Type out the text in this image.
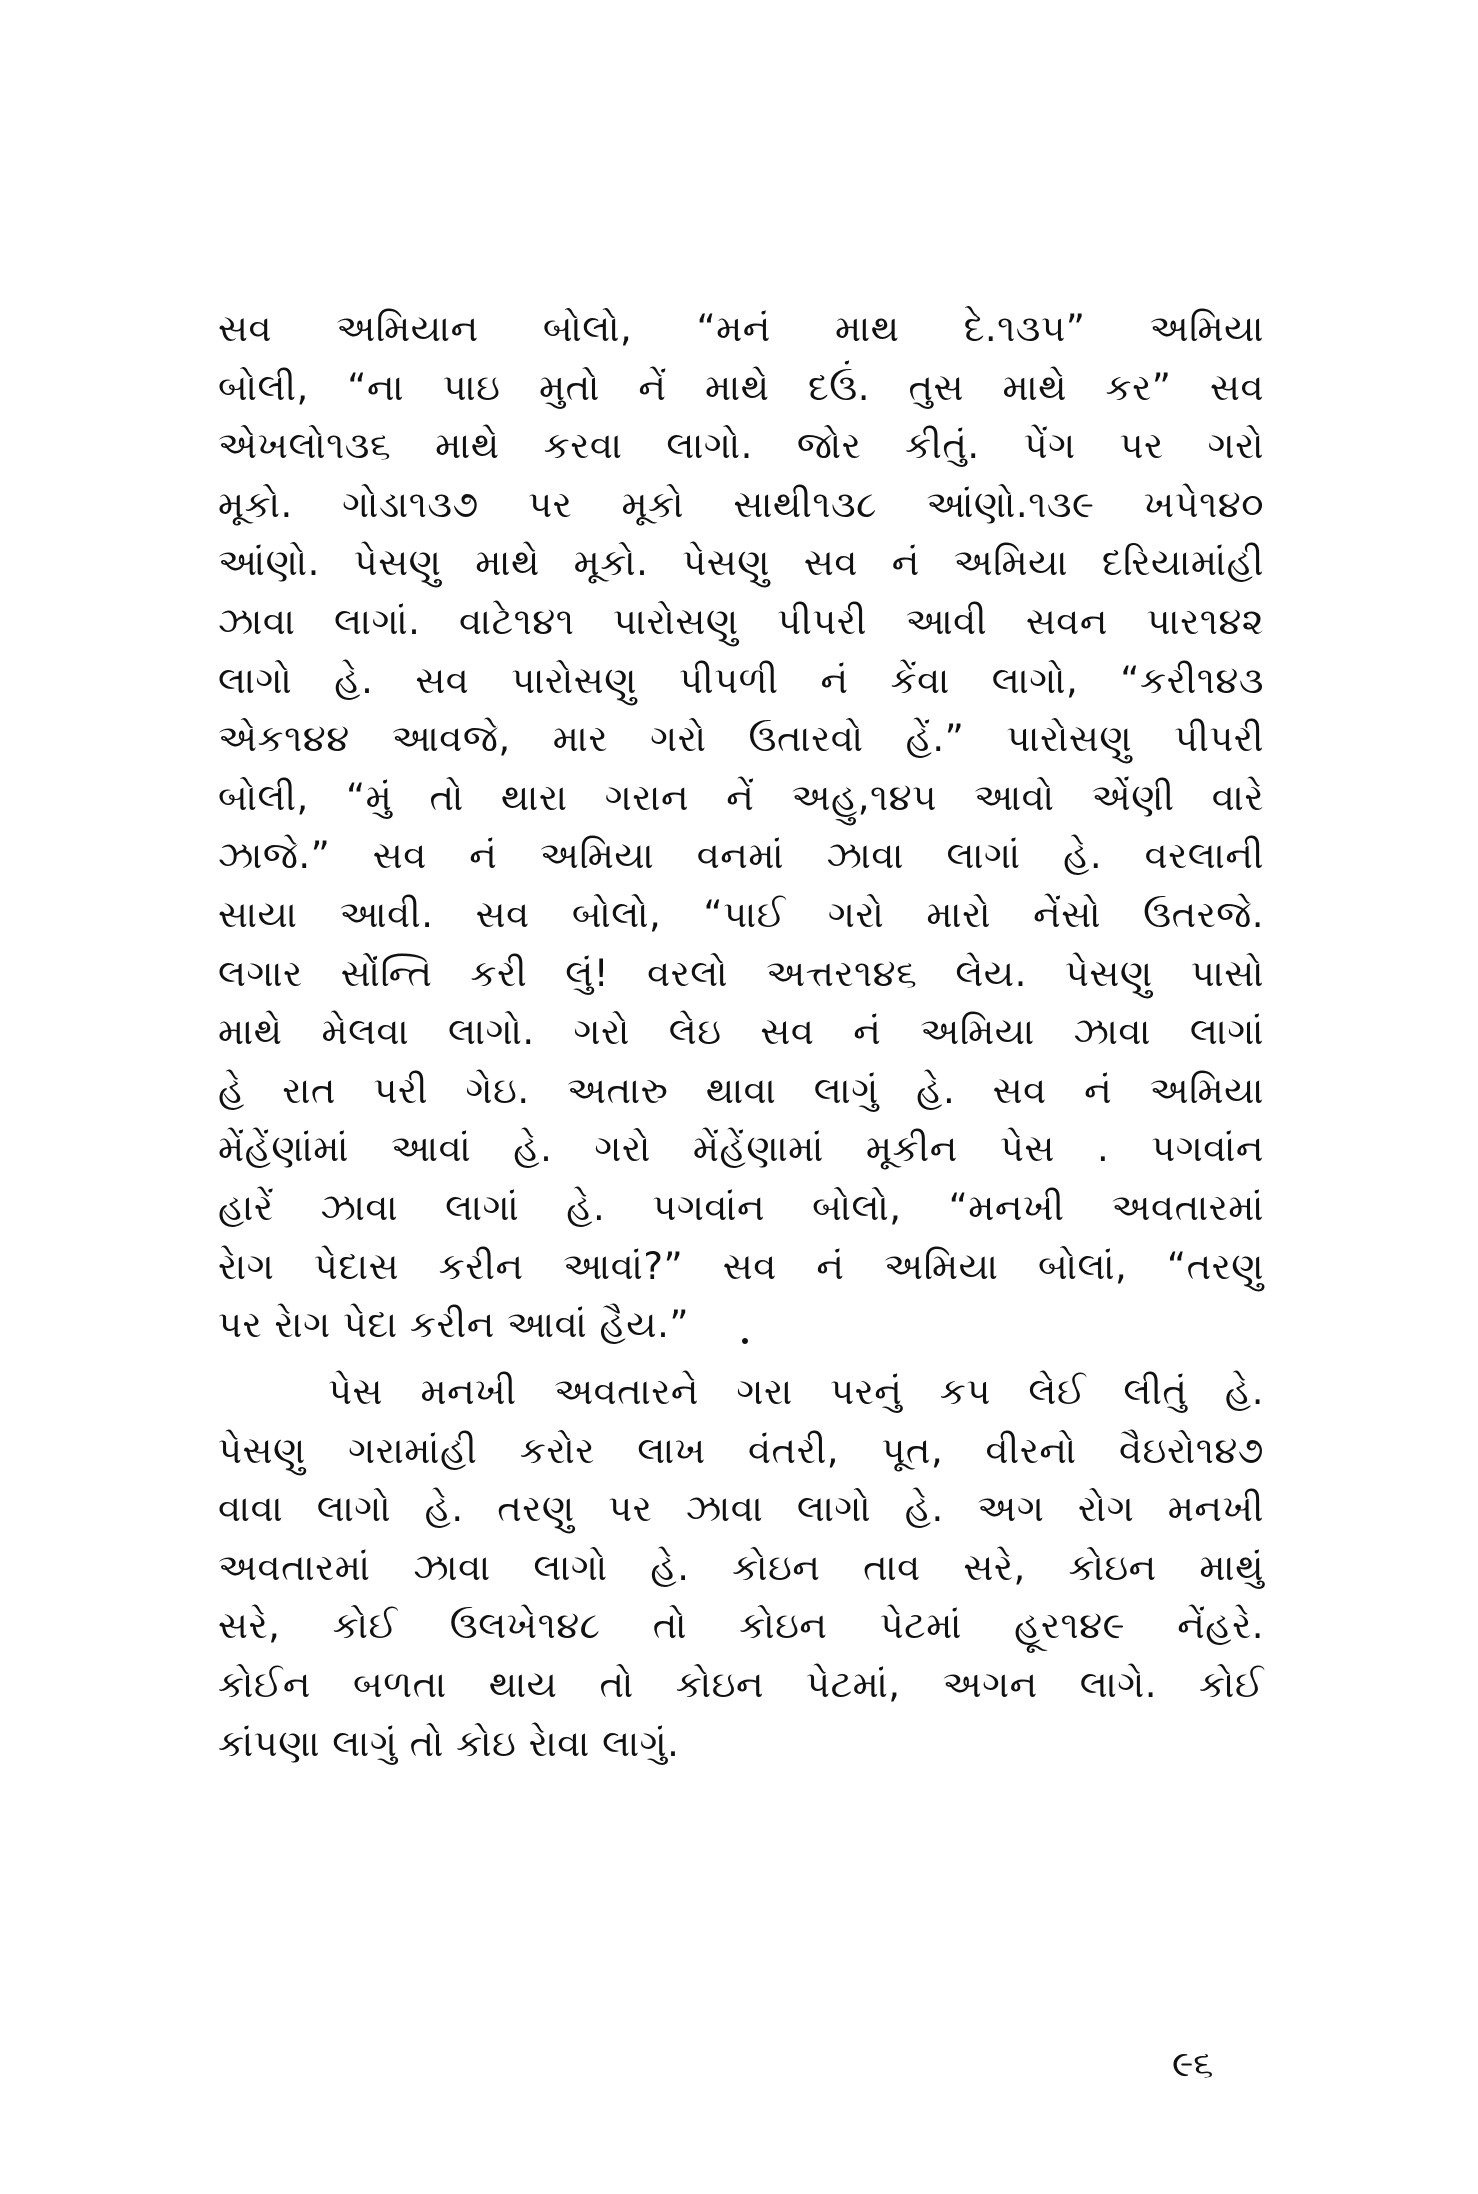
સવ અમિયાન બોલો, “મનં માથ દે.૧૩૫” અમિયા
બોલી, “ના પાઇ મુતો નેં માથે દઉં. તુસ માથે કર” સવ
એખલો૧૩૬ માથે કરવા લાગો. જોર કીતું. પેંગ પર ગરો
મૂકો. ગોડા૧૩૭ પર મૂકો સાથી૧૩૮ આંણો.૧૩૯ ખપે૧૪૦
આંણો. પેસણુ માથે મૂકો. પેસણુ સવ નં અમિયા દરિયામાંહી
ઝાવા લાગાં. વાટે૧૪૧ પારોસણુ પીપરી આવી સવન પાર૧૪૨
લાગો હે. સવ પારોસણુ પીપળી નં કેંવા લાગો, “કરી૧૪૩
એક૧૪૪ આવજે, માર ગરો ઉતારવો હેં.” પારોસણુ પીપરી
બોલી, “મું તો થારા ગરાન નેં અહુ,૧૪૫ આવો એંણી વારે
ઝાજે.” સવ નં અમિયા વનમાં ઝાવા લાગાં હે. વરલાની
સાયા આવી. સવ બોલો, “પાઈ ગરો મારો નેંસો ઉતરજે.
લગાર સોંન્તિ કરી લું! વરલો અત્તર૧૪૬ લેય. પેસણુ પાસો
માથે મેલવા લાગો. ગરો લેઇ સવ નં અમિયા ઝાવા લાગાં
હે રાત પરી ગેઇ. અતારુ થાવા લાગું હે. સવ નં અમિયા
મેંહેંણાંમાં આવાં હે. ગરો મેંહેંણામાં મૂકીન પેસ . પગવાંન
હારેં ઝાવા લાગાં હે. પગવાંન બોલો, “મનખી અવતારમાં
રેાગ પેદાસ કરીન આવાં?” સવ નં અમિયા બોલાં, “તરણુ
પર રેાગ પેદા કરીન આવાં હૈય.”
પેસ મનખી અવતારને ગરા પરનું કપ લેઈ લીતું હે.
પેસણુ ગરામાંહી કરોર લાખ વંતરી, પૂત, વીરનો વૈઇરો૧૪૭
વાવા લાગો હે. તરણુ પર ઝાવા લાગો હે. અગ રોગ મનખી
અવતારમાં ઝાવા લાગો હે. કોઇન તાવ સરે, કોઇન માથું
સરે, કોઈ ઉલખે૧૪૮ તો કોઇન પેટમાં હૂર૧૪૯ નેંહરે.
કોઈન બળતા થાય તો કોઇન પેટમાં, અગન લાગે. કોઈ
કાંપણા લાગું તો કોઇ રેાવા લાગું.
૯૬
